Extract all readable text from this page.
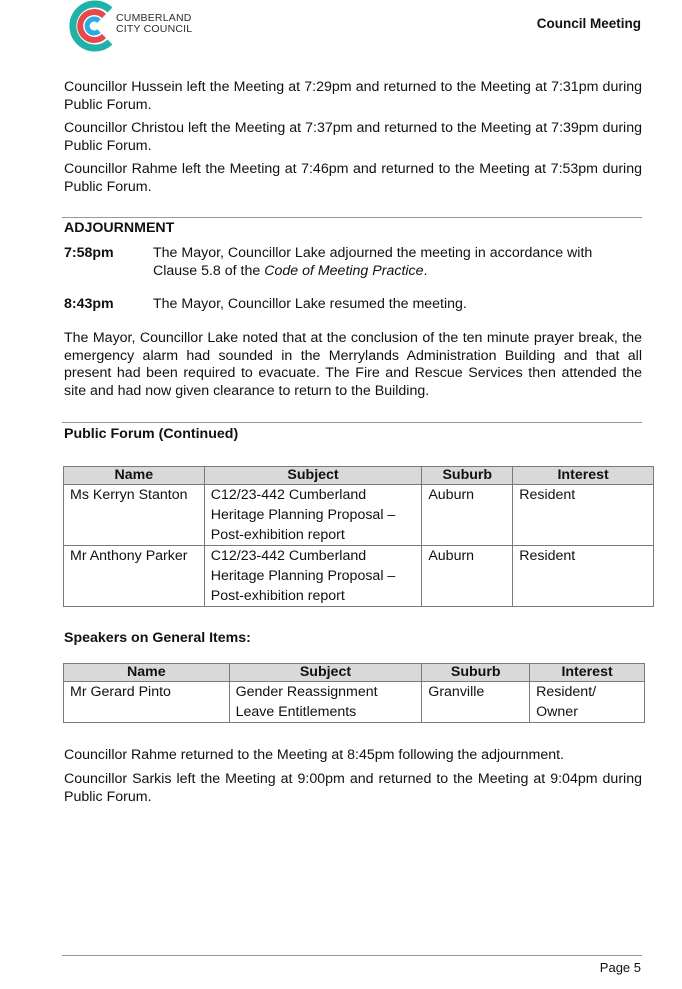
CUMBERLAND
CITY COUNCIL	Council Meeting

Councillor Hussein left the Meeting at 7:29pm and returned to the Meeting at 7:31pm during Public Forum.

Councillor Christou left the Meeting at 7:37pm and returned to the Meeting at 7:39pm during Public Forum.

Councillor Rahme left the Meeting at 7:46pm and returned to the Meeting at 7:53pm during Public Forum.

ADJOURNMENT
7:58pm	The Mayor, Councillor Lake adjourned the meeting in accordance with Clause 5.8 of the Code of Meeting Practice.
8:43pm	The Mayor, Councillor Lake resumed the meeting.

The Mayor, Councillor Lake noted that at the conclusion of the ten minute prayer break, the emergency alarm had sounded in the Merrylands Administration Building and that all present had been required to evacuate. The Fire and Rescue Services then attended the site and had now given clearance to return to the Building.

Public Forum (Continued)
Name	Subject	Suburb	Interest
Ms Kerryn Stanton	C12/23-442 Cumberland Heritage Planning Proposal – Post-exhibition report	Auburn	Resident
Mr Anthony Parker	C12/23-442 Cumberland Heritage Planning Proposal – Post-exhibition report	Auburn	Resident
Speakers on General Items:
Name	Subject	Suburb	Interest
Mr Gerard Pinto	Gender Reassignment Leave Entitlements	Granville	Resident/ Owner

Councillor Rahme returned to the Meeting at 8:45pm following the adjournment.

Councillor Sarkis left the Meeting at 9:00pm and returned to the Meeting at 9:04pm during Public Forum.

Page 5
